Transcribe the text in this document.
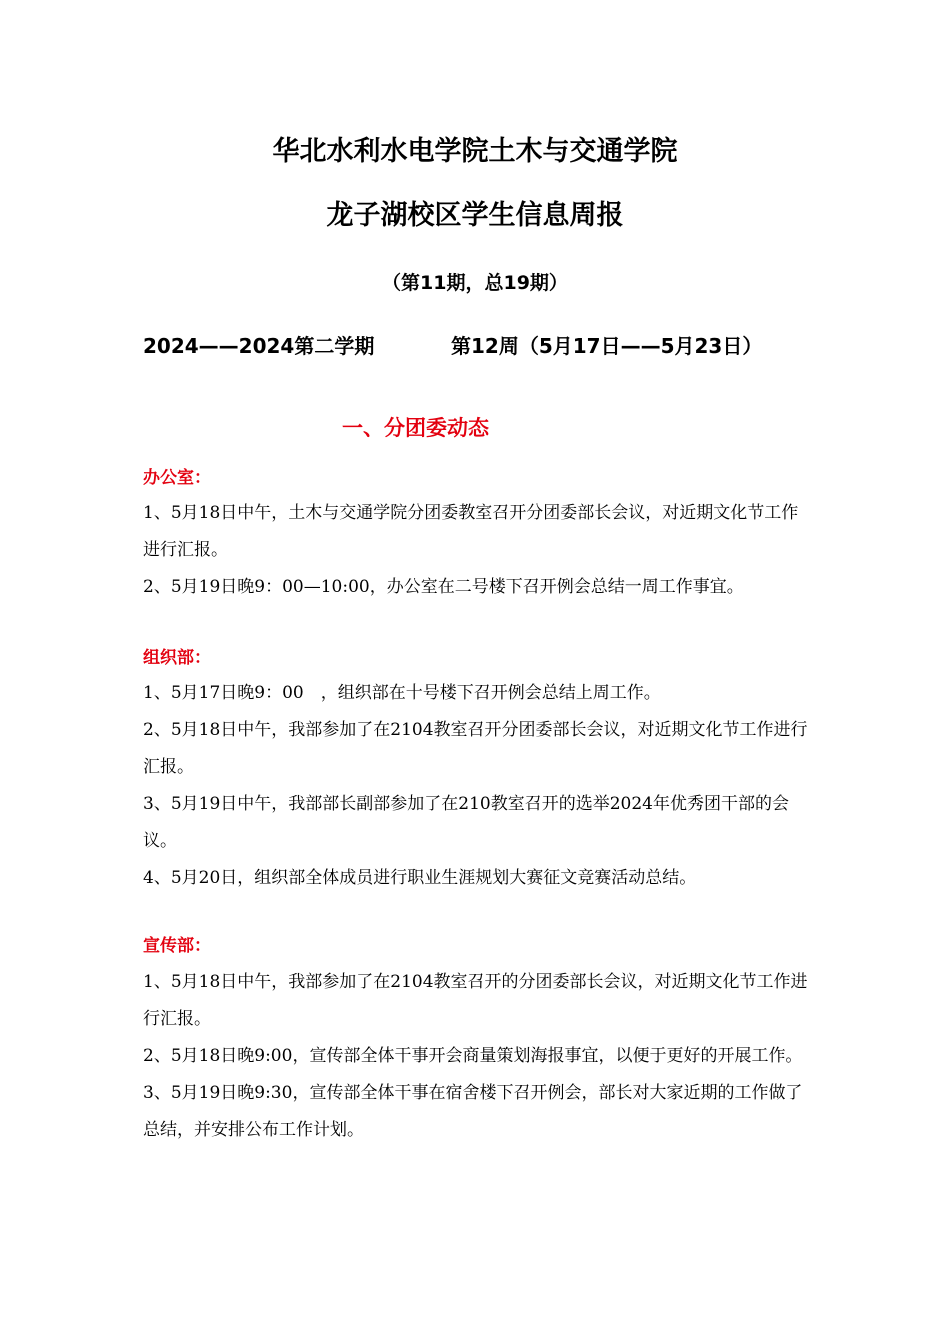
华北水利水电学院土木与交通学院
龙子湖校区学生信息周报
（第11期，总19期）
2024——2024第二学期	第12周（5月17日——5月23日）
一、分团委动态
办公室：
1、5月18日中午，土木与交通学院分团委教室召开分团委部长会议，对近期文化节工作进行汇报。
2、5月19日晚9：00—10:00，办公室在二号楼下召开例会总结一周工作事宜。
组织部：
1、5月17日晚9：00　，组织部在十号楼下召开例会总结上周工作。
2、5月18日中午，我部参加了在2104教室召开分团委部长会议，对近期文化节工作进行汇报。
3、5月19日中午，我部部长副部参加了在210教室召开的选举2024年优秀团干部的会议。
4、5月20日，组织部全体成员进行职业生涯规划大赛征文竞赛活动总结。
宣传部：
1、5月18日中午，我部参加了在2104教室召开的分团委部长会议，对近期文化节工作进行汇报。
2、5月18日晚9:00，宣传部全体干事开会商量策划海报事宜，以便于更好的开展工作。
3、5月19日晚9:30，宣传部全体干事在宿舍楼下召开例会，部长对大家近期的工作做了总结，并安排公布工作计划。
